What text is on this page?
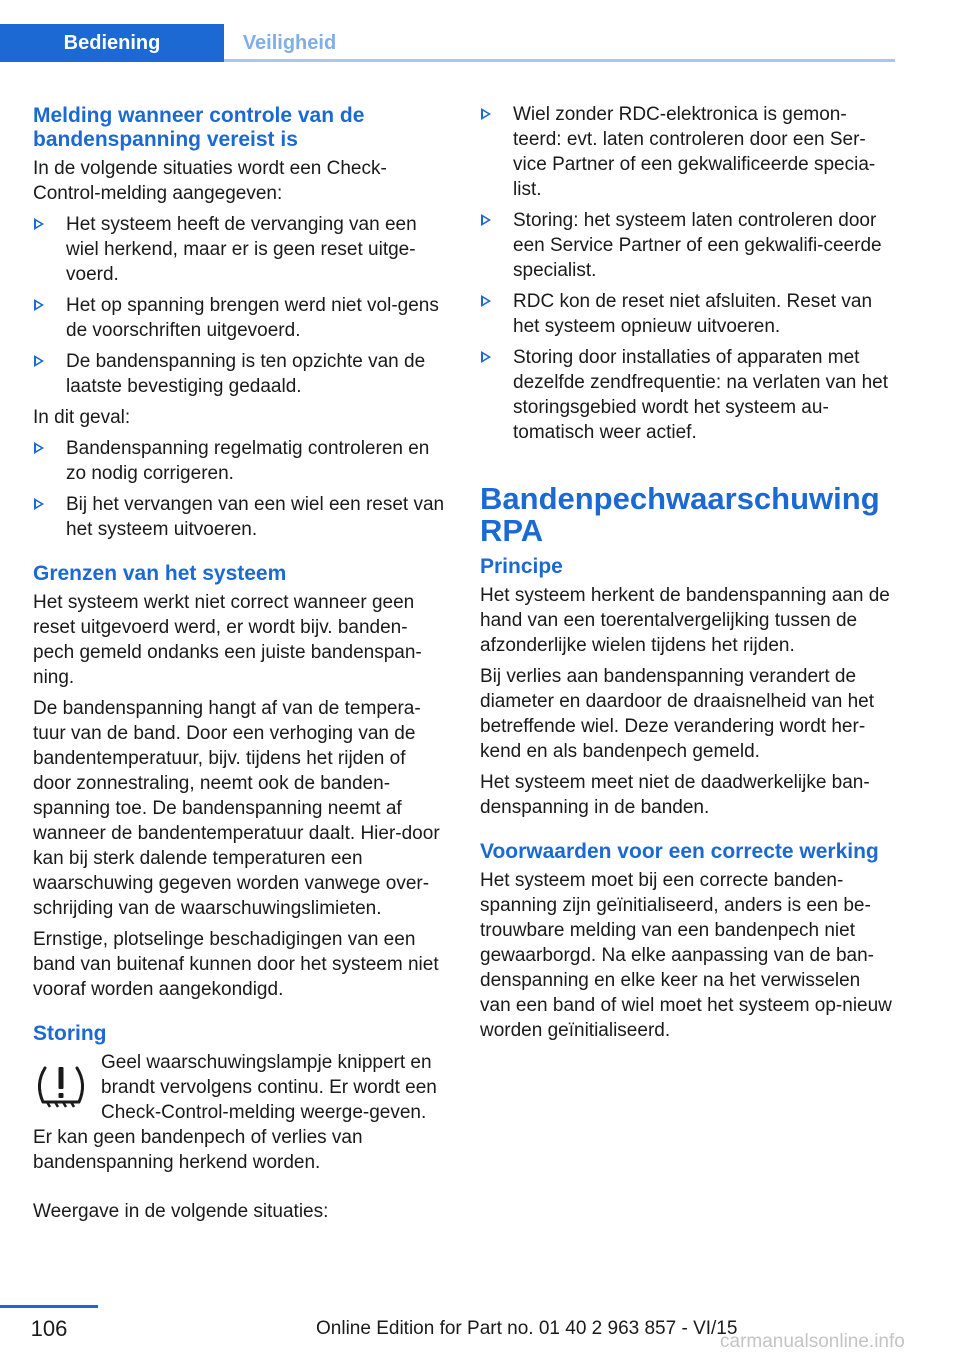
Bediening	Veiligheid
Melding wanneer controle van de bandenspanning vereist is

In de volgende situaties wordt een Check-Control-melding aangegeven:

Het systeem heeft de vervanging van een wiel herkend, maar er is geen reset uitge-voerd.
Het op spanning brengen werd niet vol-gens de voorschriften uitgevoerd.
De bandenspanning is ten opzichte van de laatste bevestiging gedaald.

In dit geval:

Bandenspanning regelmatig controleren en zo nodig corrigeren.
Bij het vervangen van een wiel een reset van het systeem uitvoeren.
Grenzen van het systeem

Het systeem werkt niet correct wanneer geen reset uitgevoerd werd, er wordt bijv. banden-pech gemeld ondanks een juiste bandenspan-ning.

De bandenspanning hangt af van de tempera-tuur van de band. Door een verhoging van de bandentemperatuur, bijv. tijdens het rijden of door zonnestraling, neemt ook de banden-spanning toe. De bandenspanning neemt af wanneer de bandentemperatuur daalt. Hier-door kan bij sterk dalende temperaturen een waarschuwing gegeven worden vanwege over-schrijding van de waarschuwingslimieten.

Ernstige, plotselinge beschadigingen van een band van buitenaf kunnen door het systeem niet vooraf worden aangekondigd.

Storing

Geel waarschuwingslampje knippert en brandt vervolgens continu. Er wordt een Check-Control-melding weerge-geven. Er kan geen bandenpech of verlies van bandenspanning herkend worden.

Weergave in de volgende situaties:

Wiel zonder RDC-elektronica is gemon-teerd: evt. laten controleren door een Ser-vice Partner of een gekwalificeerde specia-list.
Storing: het systeem laten controleren door een Service Partner of een gekwalifi-ceerde specialist.
RDC kon de reset niet afsluiten. Reset van het systeem opnieuw uitvoeren.
Storing door installaties of apparaten met dezelfde zendfrequentie: na verlaten van het storingsgebied wordt het systeem au-tomatisch weer actief.
Bandenpechwaarschuwing RPA
Principe

Het systeem herkent de bandenspanning aan de hand van een toerentalvergelijking tussen de afzonderlijke wielen tijdens het rijden.

Bij verlies aan bandenspanning verandert de diameter en daardoor de draaisnelheid van het betreffende wiel. Deze verandering wordt her-kend en als bandenpech gemeld.

Het systeem meet niet de daadwerkelijke ban-denspanning in de banden.

Voorwaarden voor een correcte werking

Het systeem moet bij een correcte banden-spanning zijn geïnitialiseerd, anders is een be-trouwbare melding van een bandenpech niet gewaarborgd. Na elke aanpassing van de ban-denspanning en elke keer na het verwisselen van een band of wiel moet het systeem op-nieuw worden geïnitialiseerd.

106	Online Edition for Part no. 01 40 2 963 857 - VI/15
carmanualsonline.info
